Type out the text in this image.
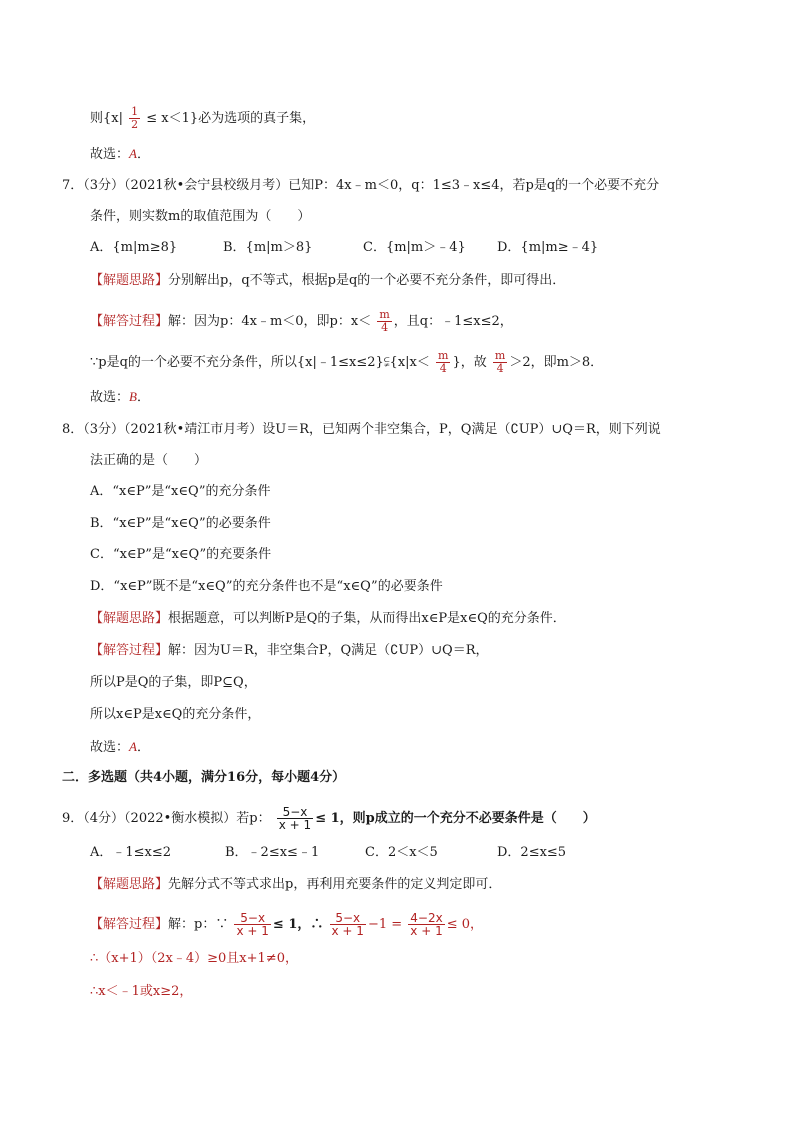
则$\{x| \frac{1}{2} \le x<1\}$必为选项的真子集，
故选：A．
7．（3分）（2021秋•会宁县校级月考）已知P：4x﹣m＜0，q：1≤3﹣x≤4，若p是q的一个必要不充分
条件，则实数m的取值范围为（　　）
A．{m|m≥8}	B．{m|m＞8}	C．{m|m＞﹣4} D．{m|m≥﹣4}
【解题思路】分别解出p，q不等式，根据p是q的一个必要不充分条件，即可得出．
【解答过程】解：因为p：4x﹣m＜0，即p：$x< \frac{m}{4}$ ，且q：﹣1≤x≤2，
∵p是q的一个必要不充分条件，所以{x|﹣1≤x≤2}⫋{x|x＜ $\frac{m}{4}$ }，故 $\frac{m}{4} >2$，即m＞8．
故选：B．
8．（3分）（2021秋•靖江市月考）设U＝R，已知两个非空集合，P，Q满足（∁UP）∪Q＝R，则下列说
法正确的是（　　）
A．“x∈P”是“x∈Q”的充分条件
B．“x∈P”是“x∈Q”的必要条件
C．“x∈P”是“x∈Q”的充要条件
D．“x∈P”既不是“x∈Q”的充分条件也不是“x∈Q”的必要条件
【解题思路】根据题意，可以判断P是Q的子集，从而得出x∈P是x∈Q的充分条件．
【解答过程】解：因为U＝R，非空集合P，Q满足（∁UP）∪Q＝R，
所以P是Q的子集，即P⊆Q，
所以x∈P是x∈Q的充分条件，
故选：A．
二．多选题（共4小题，满分16分，每小题4分）
9．（4分）（2022•衡水模拟）若p： $\frac{5-x}{x + 1} \le 1$，则p成立的一个充分不必要条件是（　　）
A．﹣1≤x≤2	B．﹣2≤x≤﹣1	C．2＜x＜5	D．2≤x≤5
【解题思路】先解分式不等式求出p，再利用充要条件的定义判定即可．
【解答过程】解：p：∵ $\frac{5-x}{x + 1} \le 1$，∴ $\frac{5-x}{x + 1} -1 = \frac{4-2x}{x + 1} \le 0$，
∴（x+1）（2x﹣4）≥0且x+1≠0，
∴x＜﹣1或x≥2，
